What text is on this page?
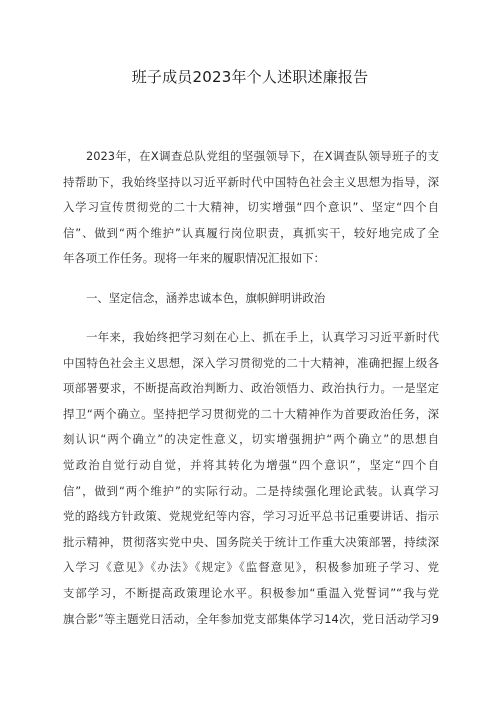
班子成员2023年个人述职述廉报告
2023年，在X调查总队党组的坚强领导下，在X调查队领导班子的支
持帮助下，我始终坚持以习近平新时代中国特色社会主义思想为指导，深
入学习宣传贯彻党的二十大精神，切实增强“四个意识”、坚定“四个自
信”、做到“两个维护”认真履行岗位职责，真抓实干，较好地完成了全
年各项工作任务。现将一年来的履职情况汇报如下：
一、坚定信念，涵养忠诚本色，旗帜鲜明讲政治
一年来，我始终把学习刻在心上、抓在手上，认真学习习近平新时代
中国特色社会主义思想，深入学习贯彻党的二十大精神，准确把握上级各
项部署要求，不断提高政治判断力、政治领悟力、政治执行力。一是坚定
捍卫“两个确立。坚持把学习贯彻党的二十大精神作为首要政治任务，深
刻认识“两个确立”的决定性意义，切实增强拥护“两个确立”的思想自
觉政治自觉行动自觉，并将其转化为增强“四个意识”，坚定“四个自
信”，做到“两个维护”的实际行动。二是持续强化理论武装。认真学习
党的路线方针政策、党规党纪等内容，学习习近平总书记重要讲话、指示
批示精神，贯彻落实党中央、国务院关于统计工作重大决策部署，持续深
入学习《意见》《办法》《规定》《监督意见》，积极参加班子学习、党
支部学习，不断提高政策理论水平。积极参加“重温入党誓词”“我与党
旗合影”等主题党日活动，全年参加党支部集体学习14次，党日活动学习9
